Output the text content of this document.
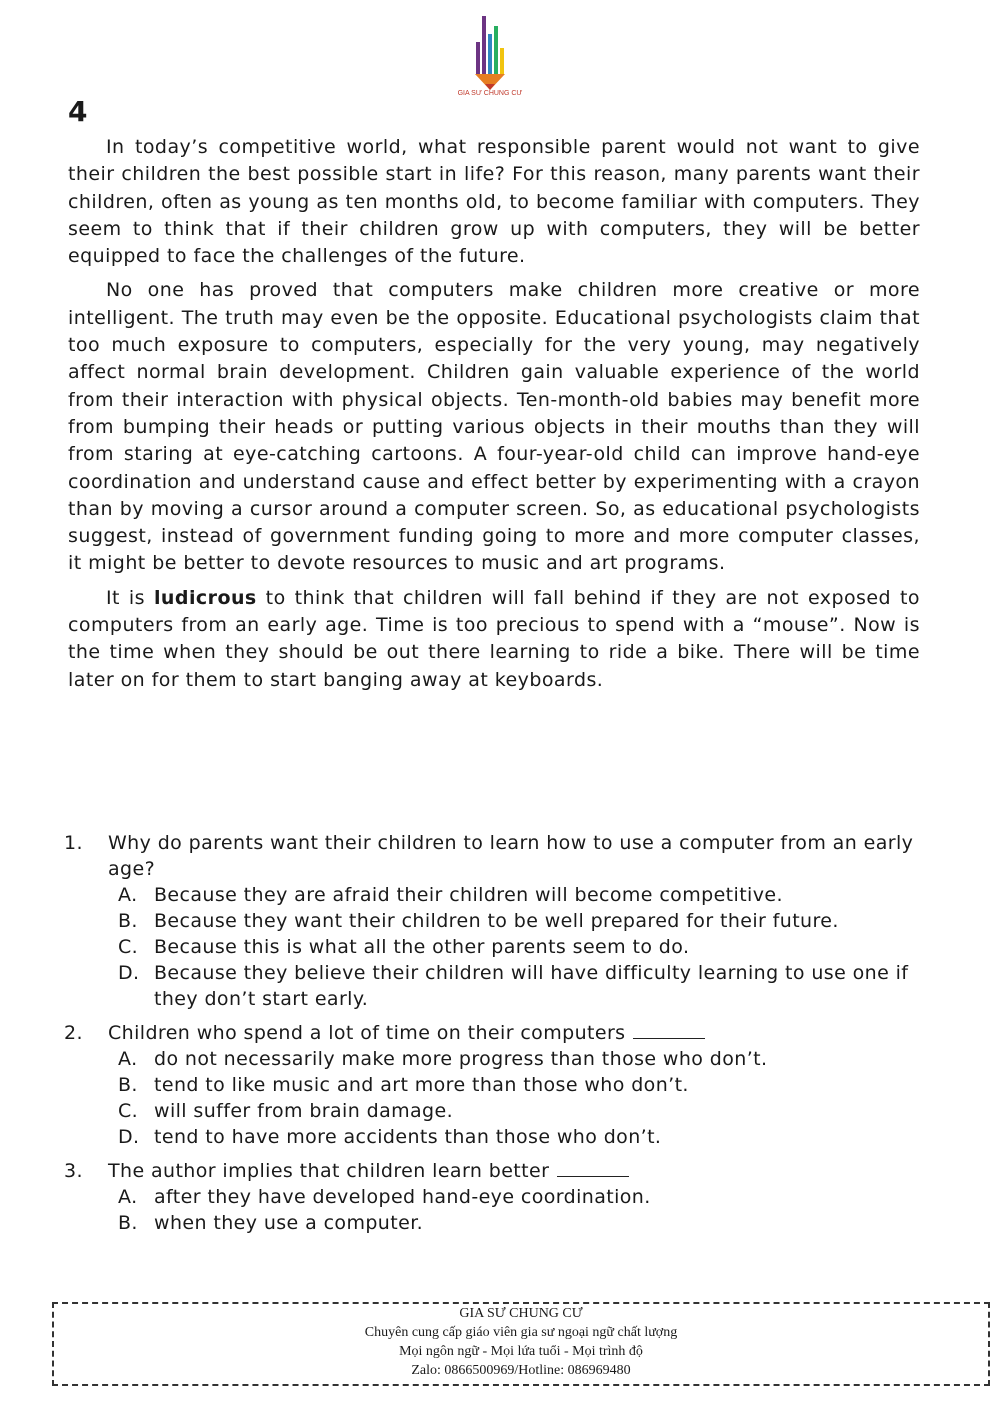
GIA SƯ CHUNG CƯ
4

In today’s competitive world, what responsible parent would not want to give their children the best possible start in life? For this reason, many parents want their children, often as young as ten months old, to become familiar with computers. They seem to think that if their children grow up with computers, they will be better equipped to face the challenges of the future.

No one has proved that computers make children more creative or more intelligent. The truth may even be the opposite. Educational psychologists claim that too much exposure to computers, especially for the very young, may negatively affect normal brain development. Children gain valuable experience of the world from their interaction with physical objects. Ten-month-old babies may benefit more from bumping their heads or putting various objects in their mouths than they will from staring at eye-catching cartoons. A four-year-old child can improve hand-eye coordination and understand cause and effect better by experimenting with a crayon than by moving a cursor around a computer screen. So, as educational psychologists suggest, instead of government funding going to more and more computer classes, it might be better to devote resources to music and art programs.

It is ludicrous to think that children will fall behind if they are not exposed to computers from an early age. Time is too precious to spend with a “mouse”. Now is the time when they should be out there learning to ride a bike. There will be time later on for them to start banging away at keyboards.

1.	Why do parents want their children to learn how to use a computer from an early age?
A. Because they are afraid their children will become competitive.
B. Because they want their children to be well prepared for their future.
C. Because this is what all the other parents seem to do.
D. Because they believe their children will have difficulty learning to use one if they don’t start early.
2.	Children who spend a lot of time on their computers
A. do not necessarily make more progress than those who don’t.
B. tend to like music and art more than those who don’t.
C. will suffer from brain damage.
D. tend to have more accidents than those who don’t.
3.	The author implies that children learn better
A. after they have developed hand-eye coordination.
B. when they use a computer.
GIA SƯ CHUNG CƯ
Chuyên cung cấp giáo viên gia sư ngoại ngữ chất lượng
Mọi ngôn ngữ - Mọi lứa tuổi - Mọi trình độ
Zalo: 0866500969/Hotline: 086969480
